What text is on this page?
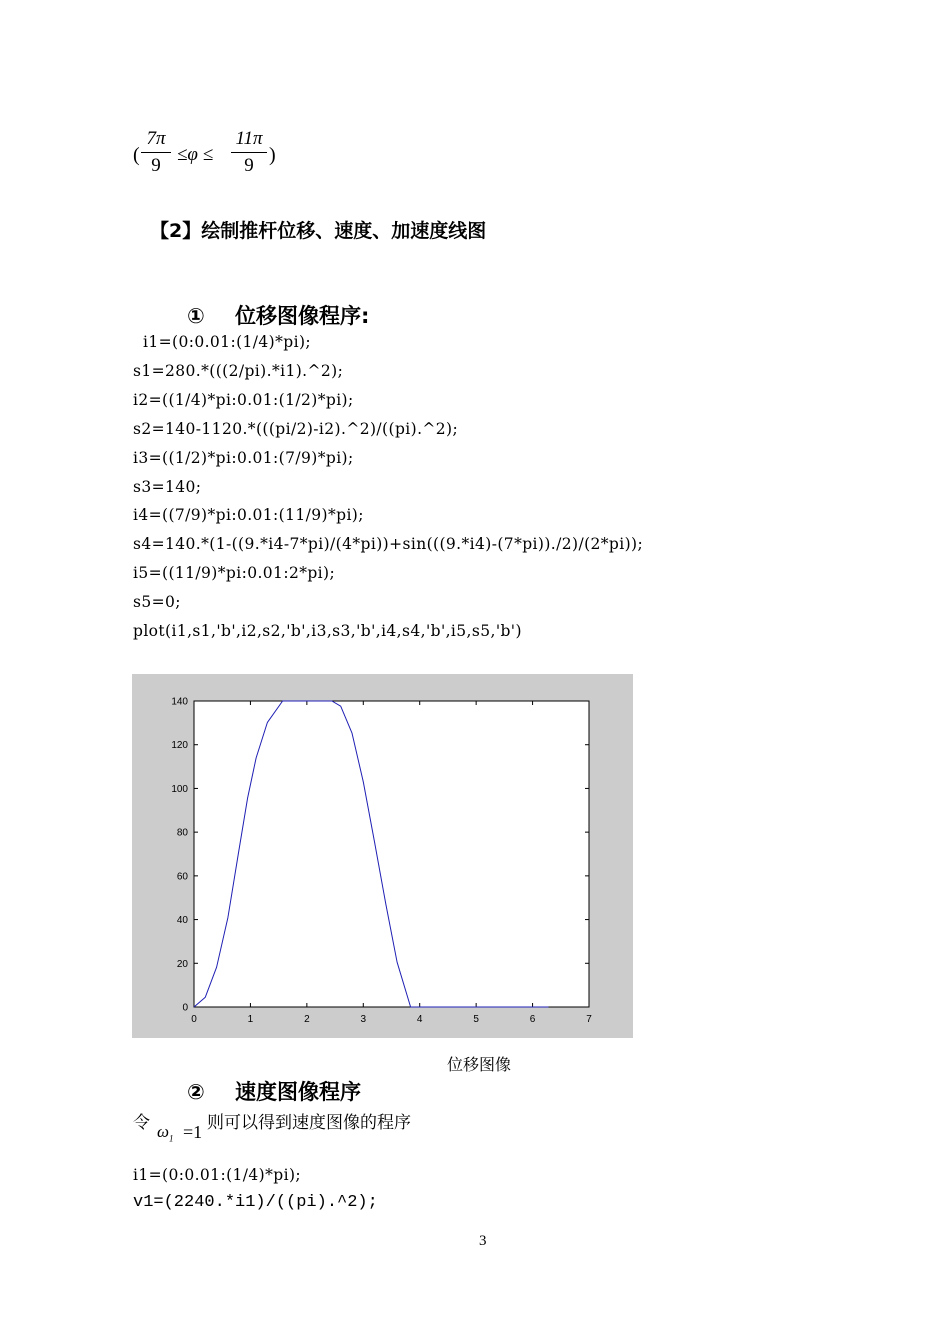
(
7π
9
≤φ ≤
11π
9 )
【2】绘制推杆位移、速度、加速度线图
① 位移图像程序:
i1=(0:0.01:(1/4)*pi);
s1=280.*(((2/pi).*i1).^2);
i2=((1/4)*pi:0.01:(1/2)*pi);
s2=140-1120.*(((pi/2)-i2).^2)/((pi).^2);
i3=((1/2)*pi:0.01:(7/9)*pi);
s3=140;
i4=((7/9)*pi:0.01:(11/9)*pi);
s4=140.*(1-((9.*i4-7*pi)/(4*pi))+sin(((9.*i4)-(7*pi))./2)/(2*pi));
i5=((11/9)*pi:0.01:2*pi);
s5=0;
plot(i1,s1,'b',i2,s2,'b',i3,s3,'b',i4,s4,'b',i5,s5,'b')
0	1	2	3	4	5	6	7
0
20
40
60
80
100
120
140
位移图像
② 速度图像程序
令 $\omega_1 =1$ 则可以得到速度图像的程序
i1=(0:0.01:(1/4)*pi);
v1=(2240.*i1)/((pi).^2);
3
